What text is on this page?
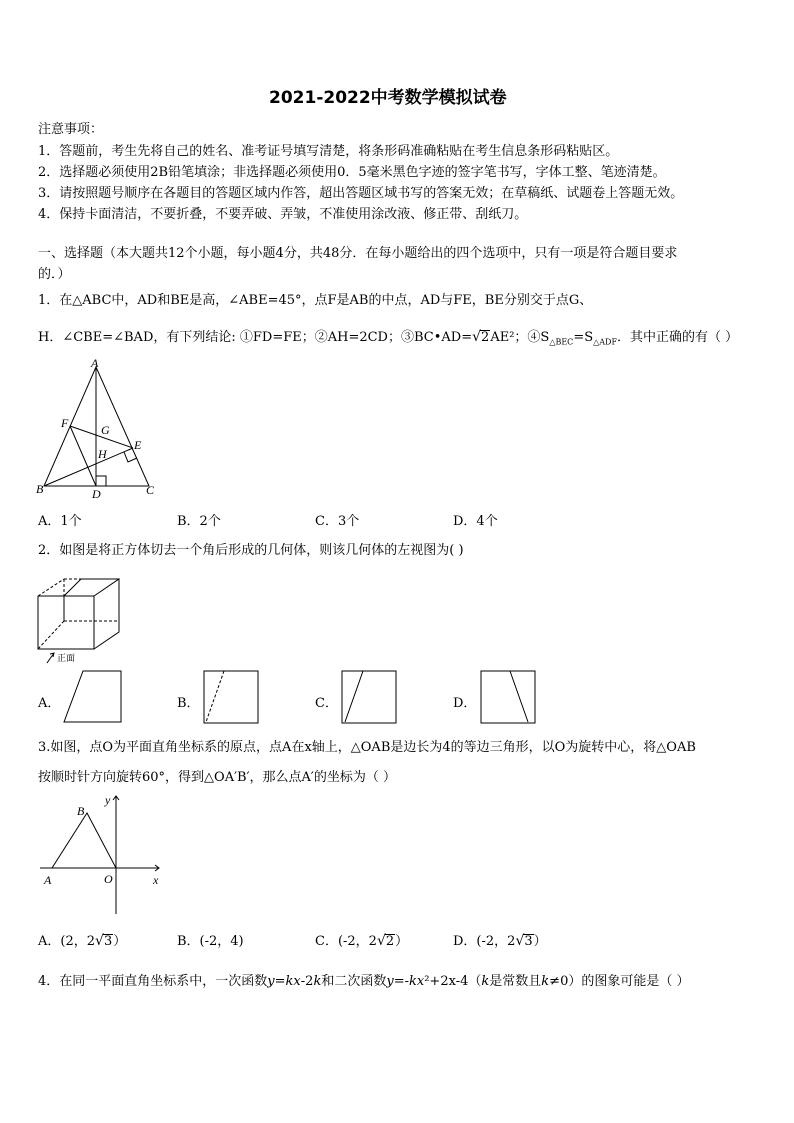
2021-2022中考数学模拟试卷
注意事项：
1．答题前，考生先将自己的姓名、准考证号填写清楚，将条形码准确粘贴在考生信息条形码粘贴区。
2．选择题必须使用2B铅笔填涂；非选择题必须使用0．5毫米黑色字迹的签字笔书写，字体工整、笔迹清楚。
3．请按照题号顺序在各题目的答题区域内作答，超出答题区域书写的答案无效；在草稿纸、试题卷上答题无效。
4．保持卡面清洁，不要折叠，不要弄破、弄皱，不准使用涂改液、修正带、刮纸刀。
一、选择题（本大题共12个小题，每小题4分，共48分．在每小题给出的四个选项中，只有一项是符合题目要求
的．）
1．在△ABC中，AD和BE是高，∠ABE=45°，点F是AB的中点，AD与FE，BE分别交于点G、
H．∠CBE=∠BAD，有下列结论: ①FD=FE；②AH=2CD；③BC•AD=√2AE²；$④S_{\triangle BEC}=S_{\triangle ADF}$．其中正确的有（ ）
A
F	G
E
H
B	D	C
A．1个	B．2个	C．3个	D．4个
2．如图是将正方体切去一个角后形成的几何体，则该几何体的左视图为( )
正面
A．	B．	C．	D．
3.如图，点O为平面直角坐标系的原点，点A在x轴上，△OAB是边长为4的等边三角形，以O为旋转中心，将△OAB
按顺时针方向旋转60°，得到△OA′B′，那么点A′的坐标为（ ）
y
B
A	O	x
A．(2，2√3）	B．(-2，4)	C．(-2，2√2）	D．(-2，2√3）
4．在同一平面直角坐标系中，一次函数y=kx-2k和二次函数y=-kx²+2x-4（k是常数且k≠0）的图象可能是（ ）
